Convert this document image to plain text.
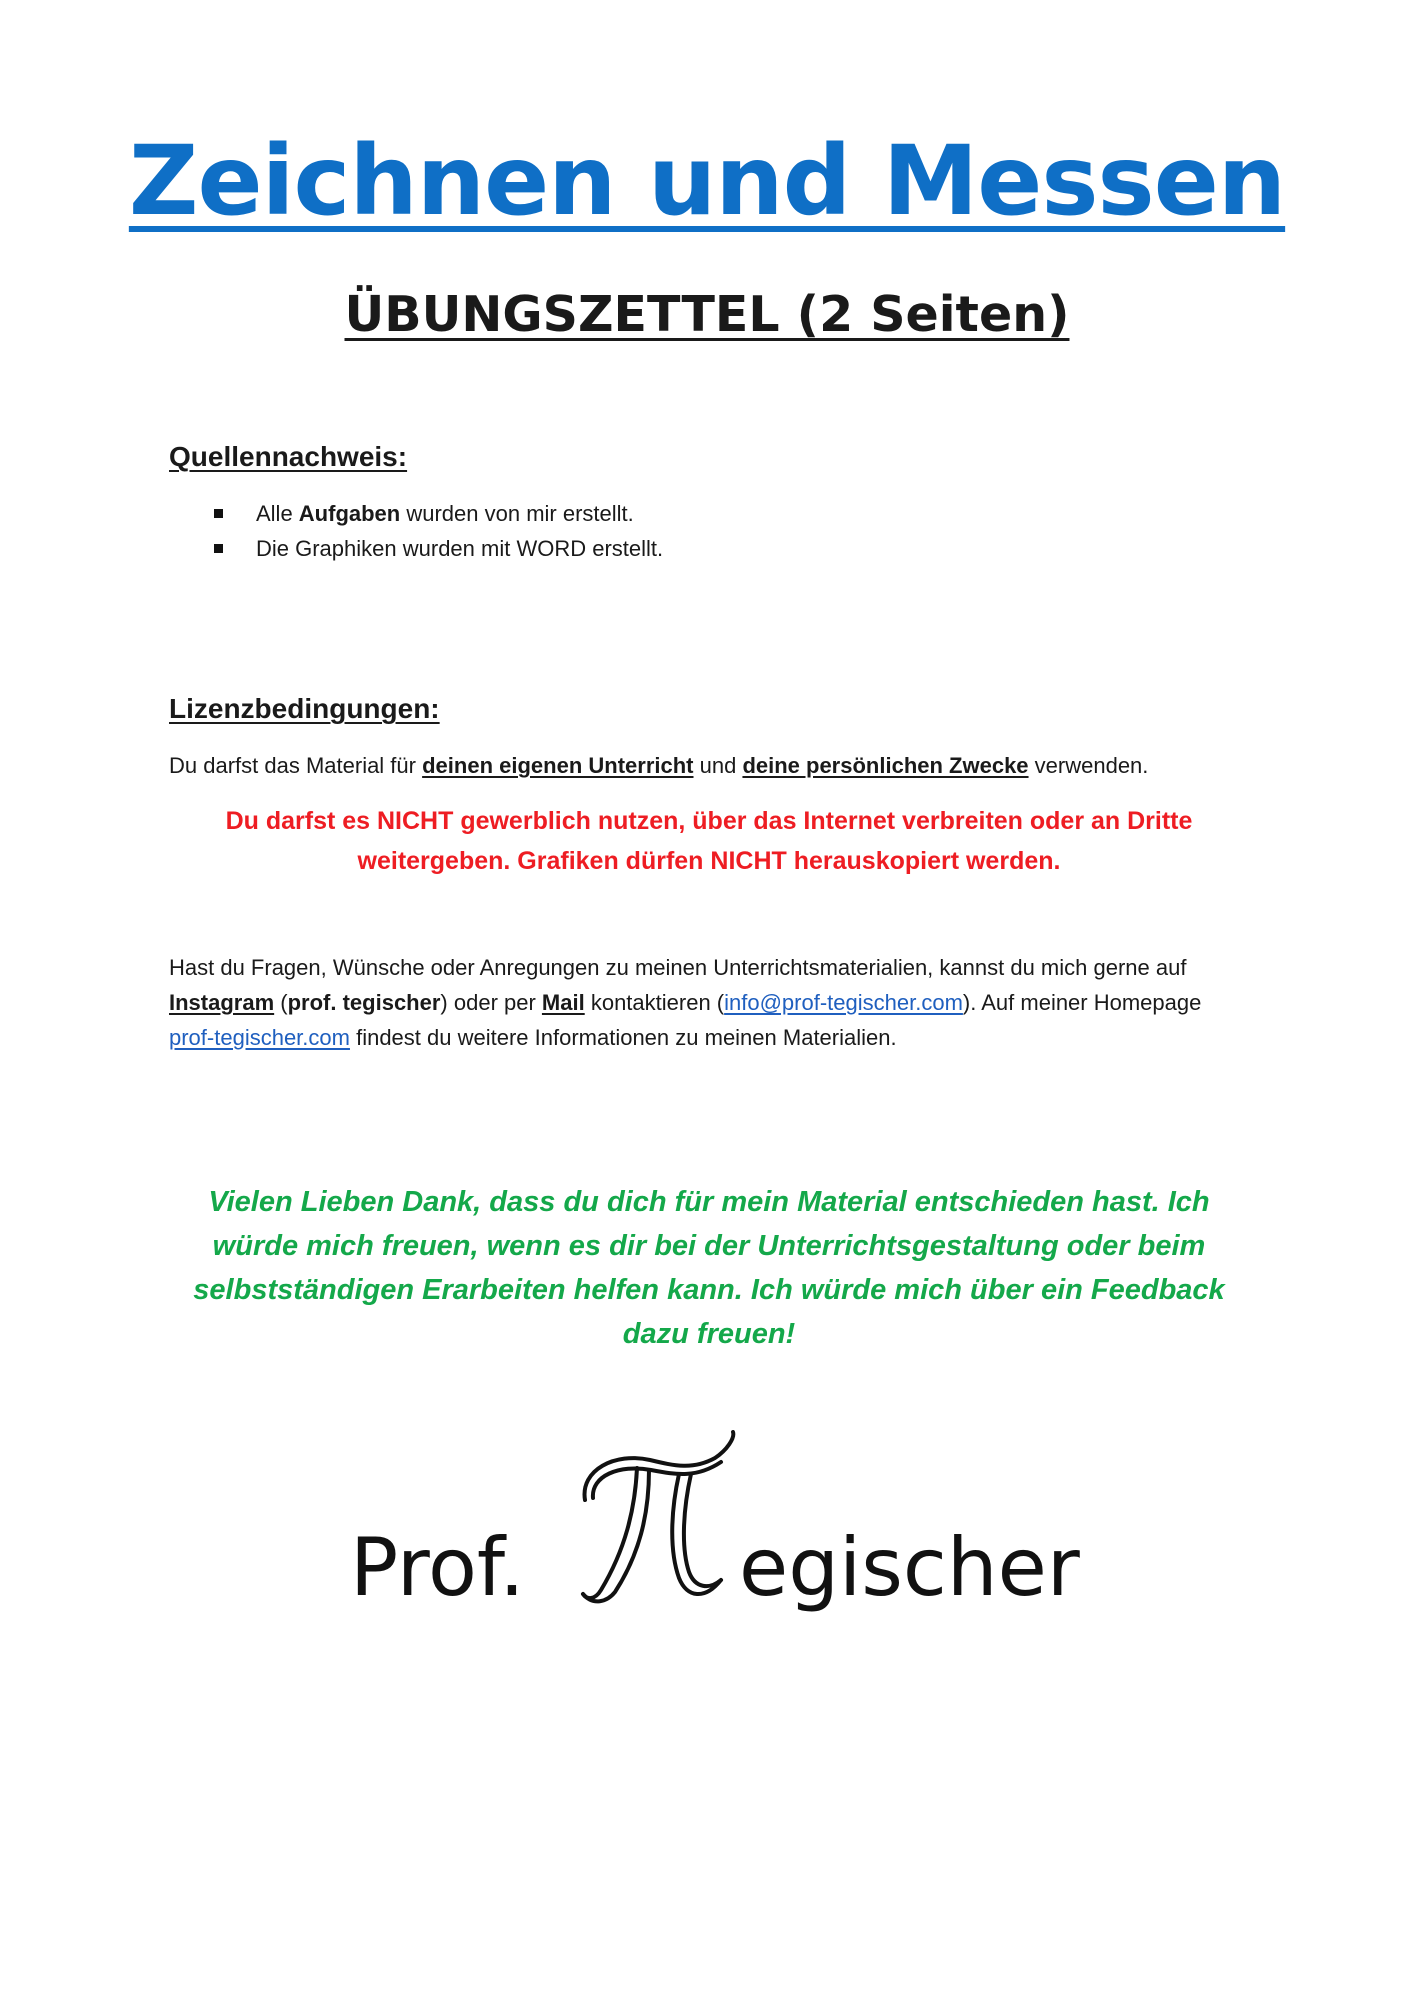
Zeichnen und Messen
ÜBUNGSZETTEL (2 Seiten)
Quellennachweis:
Alle Aufgaben wurden von mir erstellt.
Die Graphiken wurden mit WORD erstellt.
Lizenzbedingungen:

Du darfst das Material für deinen eigenen Unterricht und deine persönlichen Zwecke verwenden.

Du darfst es NICHT gewerblich nutzen, über das Internet verbreiten oder an Dritte
weitergeben. Grafiken dürfen NICHT herauskopiert werden.

Hast du Fragen, Wünsche oder Anregungen zu meinen Unterrichtsmaterialien, kannst du mich gerne auf Instagram (prof. tegischer) oder per Mail kontaktieren (info@prof-tegischer.com). Auf meiner Homepage prof-tegischer.com findest du weitere Informationen zu meinen Materialien.

Vielen Lieben Dank, dass du dich für mein Material entschieden hast. Ich
würde mich freuen, wenn es dir bei der Unterrichtsgestaltung oder beim
selbstständigen Erarbeiten helfen kann. Ich würde mich über ein Feedback
dazu freuen!

Prof.	egischer
